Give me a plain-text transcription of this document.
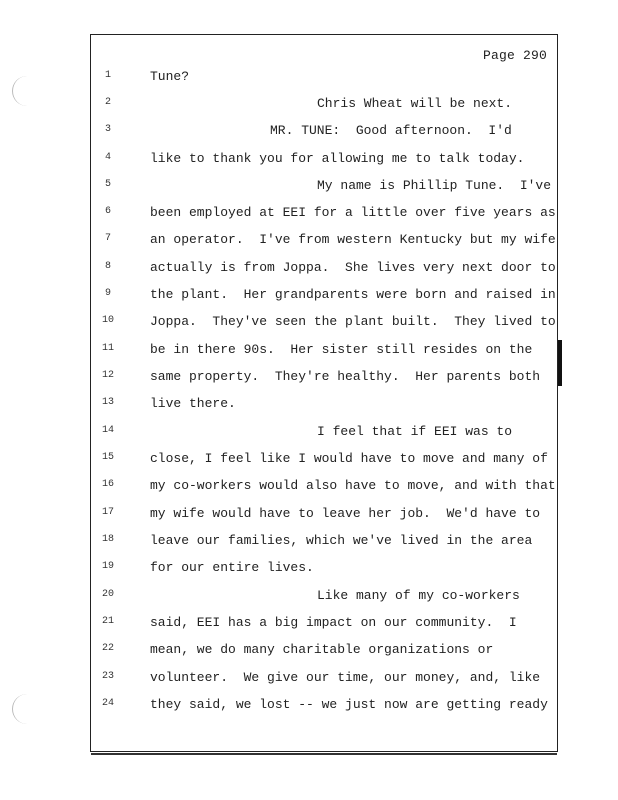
Page 290
1	Tune?
2	Chris Wheat will be next.
3	MR. TUNE:  Good afternoon.  I'd
4	like to thank you for allowing me to talk today.
5	My name is Phillip Tune.  I've
6	been employed at EEI for a little over five years as
7	an operator.  I've from western Kentucky but my wife
8	actually is from Joppa.  She lives very next door to
9	the plant.  Her grandparents were born and raised in
10	Joppa.  They've seen the plant built.  They lived to
11	be in there 90s.  Her sister still resides on the
12	same property.  They're healthy.  Her parents both
13	live there.
14	I feel that if EEI was to
15	close, I feel like I would have to move and many of
16	my co-workers would also have to move, and with that
17	my wife would have to leave her job.  We'd have to
18	leave our families, which we've lived in the area
19	for our entire lives.
20	Like many of my co-workers
21	said, EEI has a big impact on our community.  I
22	mean, we do many charitable organizations or
23	volunteer.  We give our time, our money, and, like
24	they said, we lost -- we just now are getting ready
